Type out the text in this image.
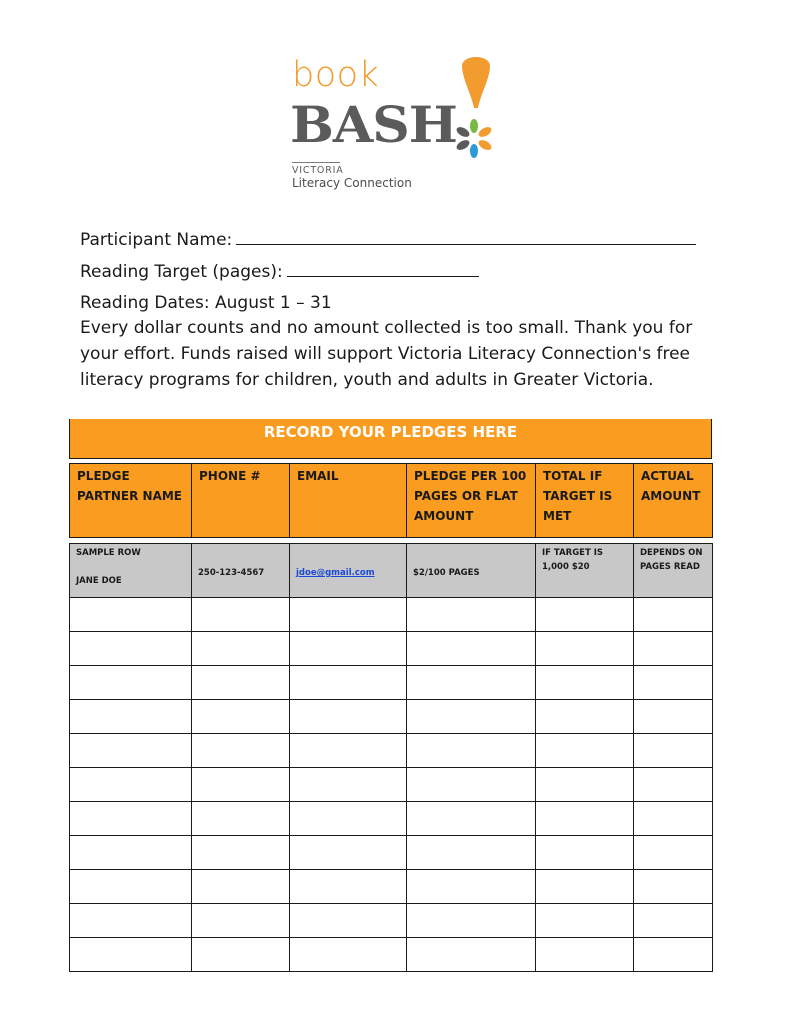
book
BASH
VICTORIA
Literacy Connection
Participant Name:
Reading Target (pages):
Reading Dates: August 1 – 31
Every dollar counts and no amount collected is too small. Thank you for your effort. Funds raised will support Victoria Literacy Connection's free literacy programs for children, youth and adults in Greater Victoria.
RECORD YOUR PLEDGES HERE
PLEDGE PARTNER NAME	PHONE #	EMAIL	PLEDGE PER 100 PAGES OR FLAT AMOUNT	TOTAL IF TARGET IS MET	ACTUAL AMOUNT

SAMPLE ROW
JANE DOE	250-123-4567	jdoe@gmail.com	$2/100 PAGES	IF TARGET IS 1,000 $20	DEPENDS ON PAGES READ
